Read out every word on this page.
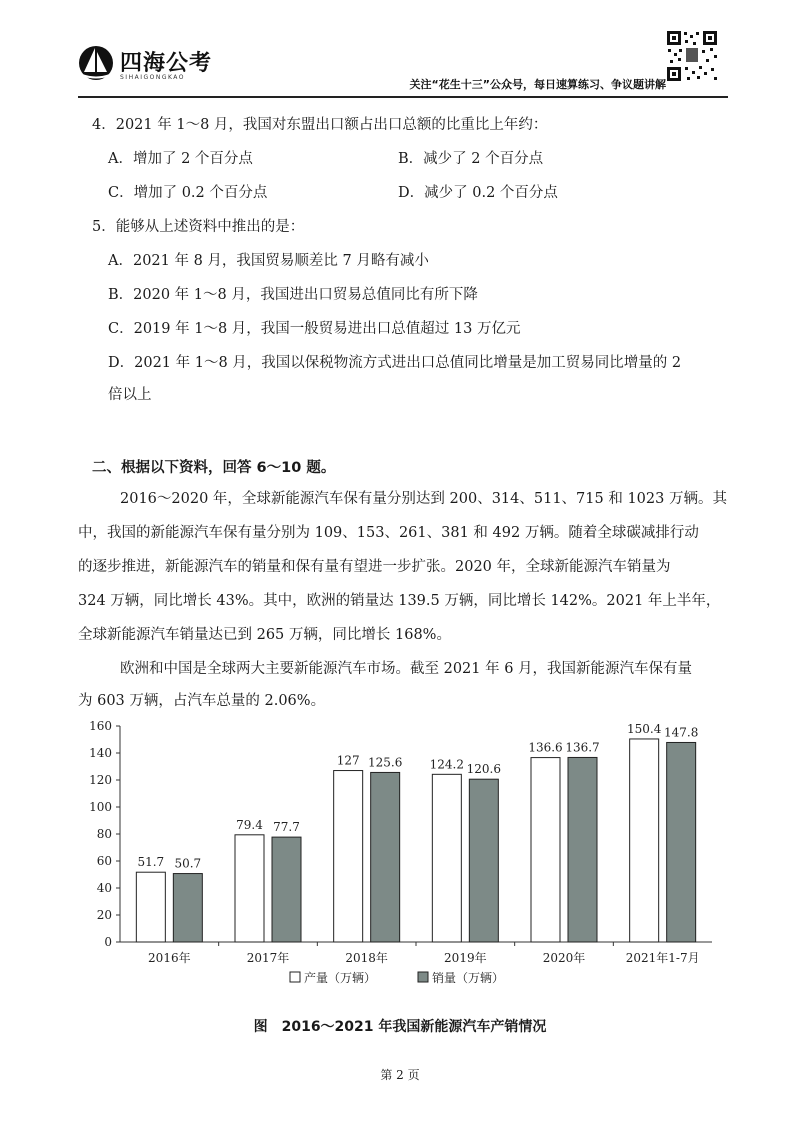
四海公考
SIHAIGONGKAO
关注“花生十三”公众号，每日速算练习、争议题讲解
4．2021 年 1～8 月，我国对东盟出口额占出口总额的比重比上年约：
A．增加了 2 个百分点	B．减少了 2 个百分点
C．增加了 0.2 个百分点	D．减少了 0.2 个百分点
5．能够从上述资料中推出的是：
A．2021 年 8 月，我国贸易顺差比 7 月略有减小
B．2020 年 1～8 月，我国进出口贸易总值同比有所下降
C．2019 年 1～8 月，我国一般贸易进出口总值超过 13 万亿元
D．2021 年 1～8 月，我国以保税物流方式进出口总值同比增量是加工贸易同比增量的 2
倍以上
二、根据以下资料，回答 6～10 题。
2016～2020 年，全球新能源汽车保有量分别达到 200、314、511、715 和 1023 万辆。其
中，我国的新能源汽车保有量分别为 109、153、261、381 和 492 万辆。随着全球碳减排行动
的逐步推进，新能源汽车的销量和保有量有望进一步扩张。2020 年，全球新能源汽车销量为
324 万辆，同比增长 43%。其中，欧洲的销量达 139.5 万辆，同比增长 142%。2021 年上半年，
全球新能源汽车销量达已到 265 万辆，同比增长 168%。
欧洲和中国是全球两大主要新能源汽车市场。截至 2021 年 6 月，我国新能源汽车保有量
为 603 万辆，占汽车总量的 2.06%。
0
20
40
60
80
100
120
140
160
51.7 50.7
2016年
79.4 77.7
2017年
127 125.6
2018年
124.2 120.6
2019年
136.6 136.7
2020年
150.4 147.8
2021年1-7月
产量（万辆）	销量（万辆）
图　2016～2021 年我国新能源汽车产销情况
第 2 页
